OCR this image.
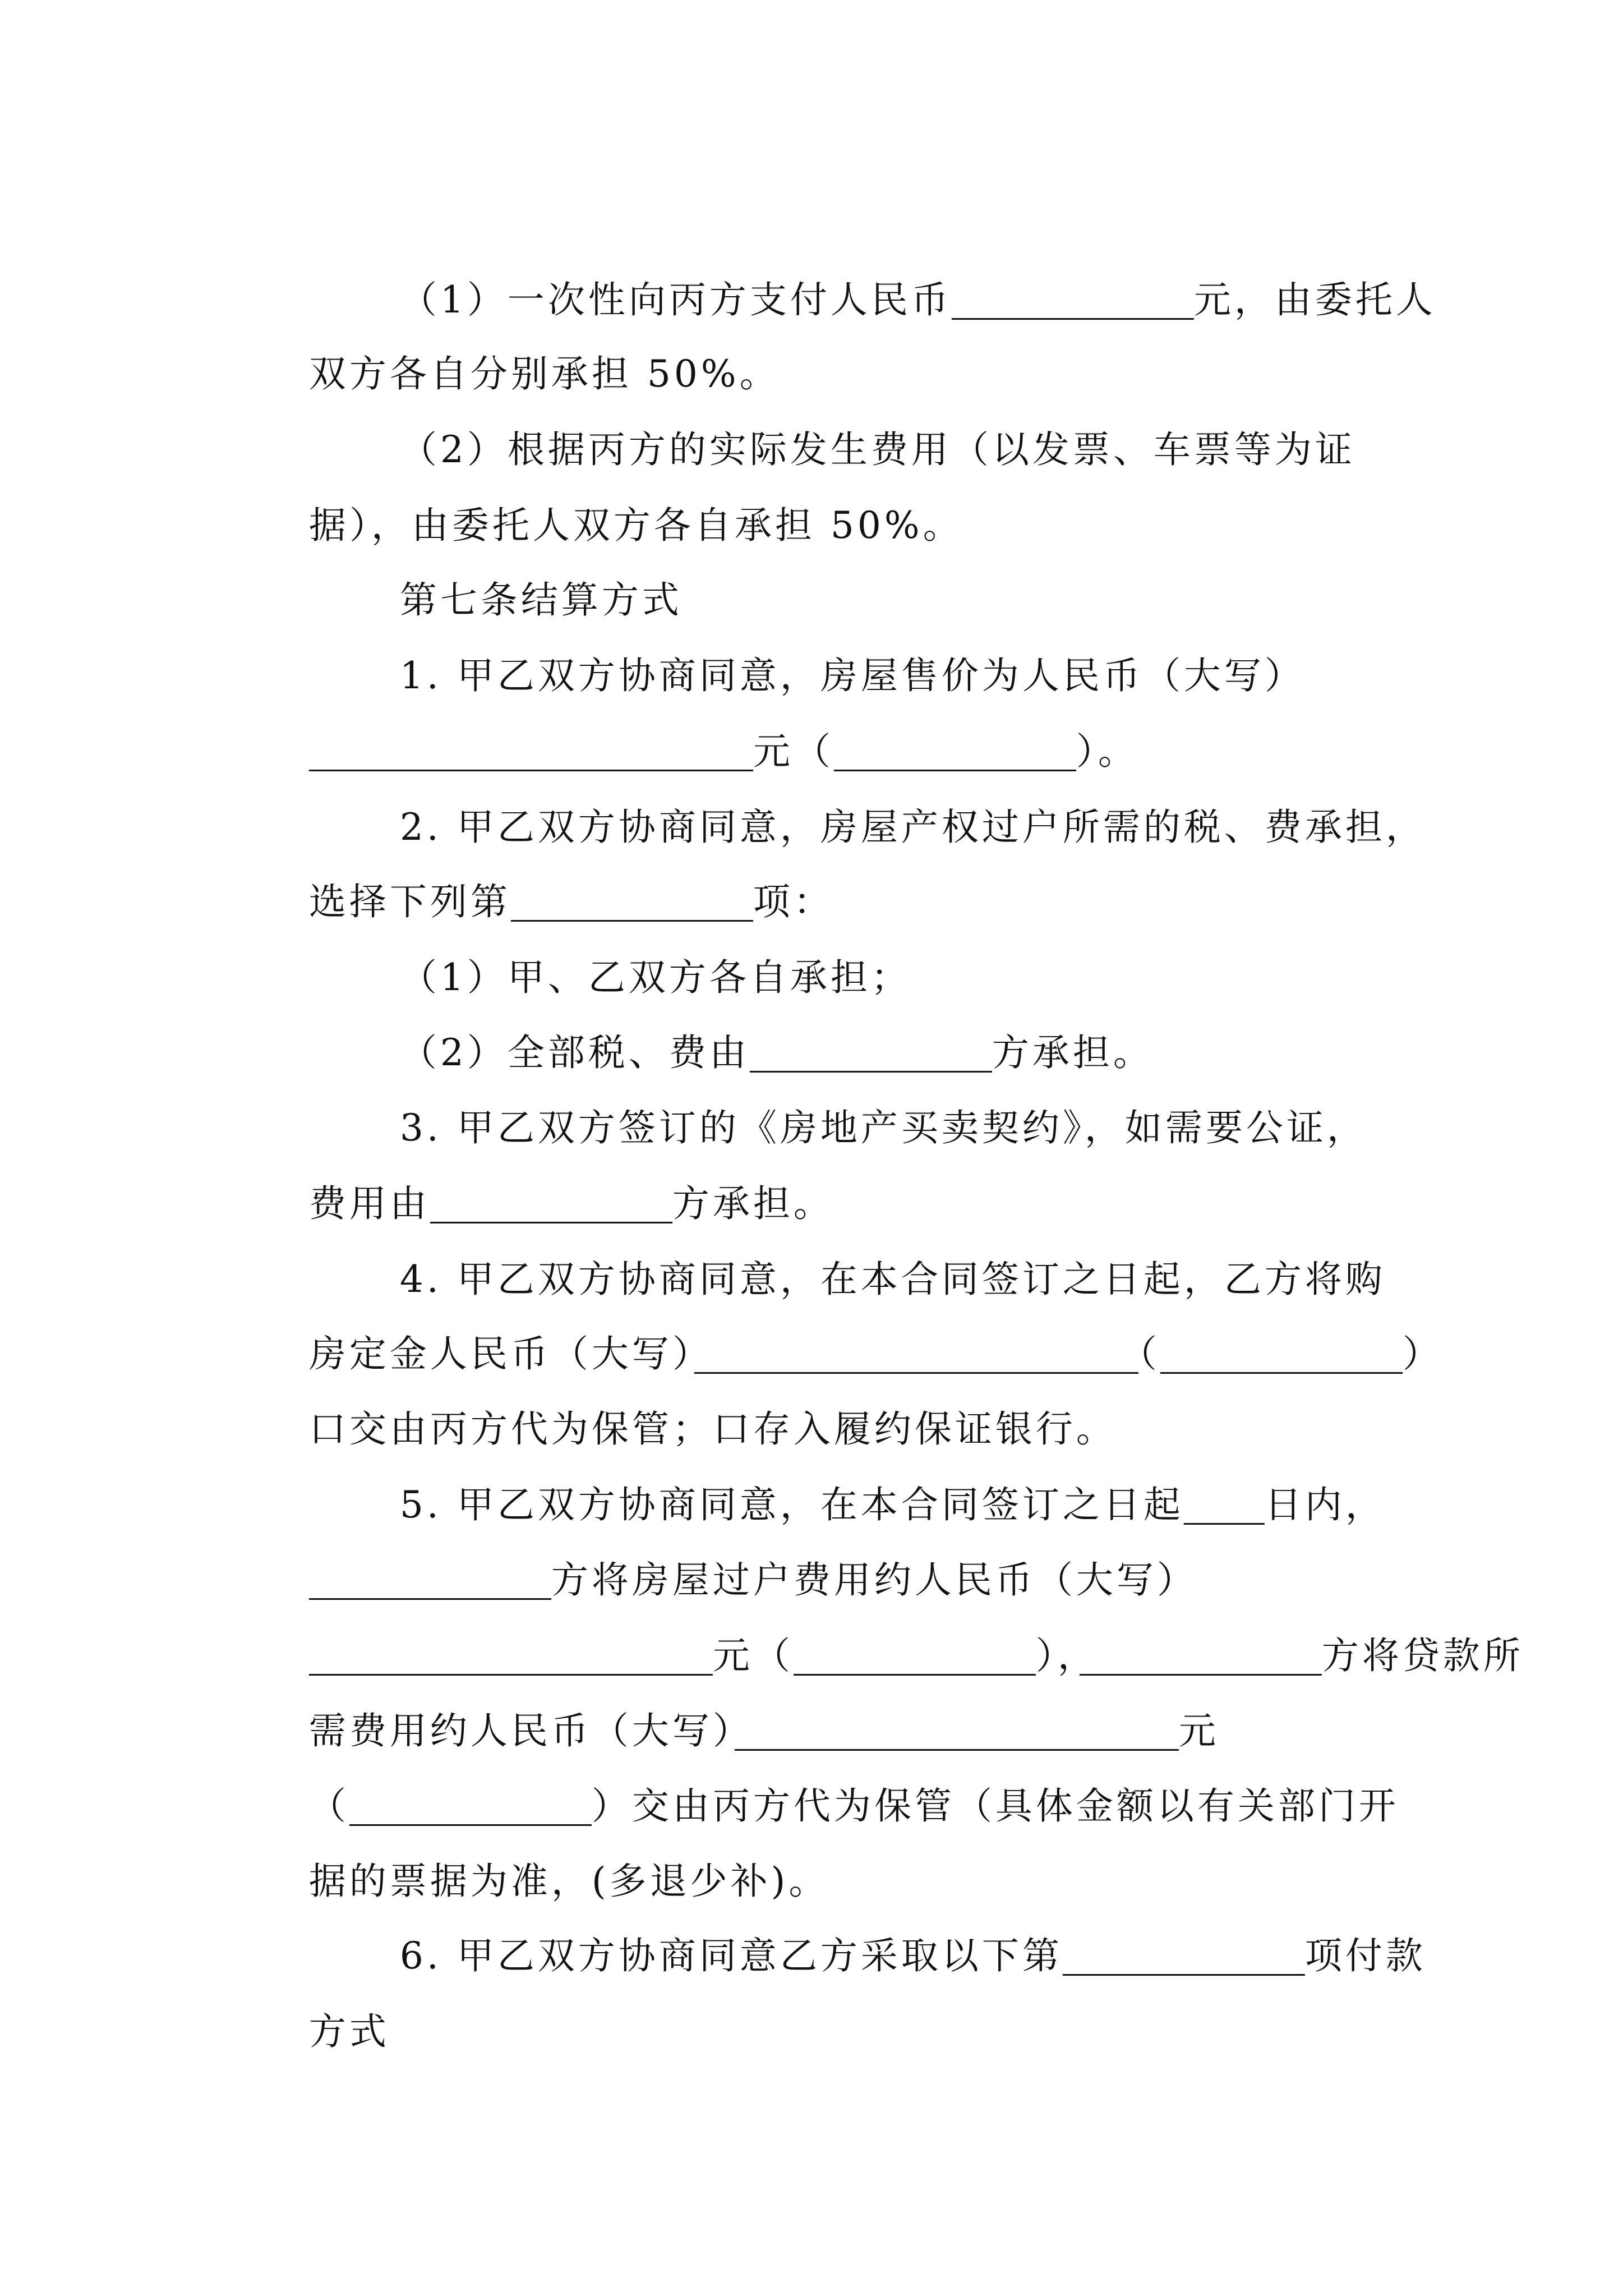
（1）一次性向丙方支付人民币　　　　　　	元，由委托人

双方各自分别承担 50%。

（2）根据丙方的实际发生费用（以发票、车票等为证

据），由委托人双方各自承担 50%。

第七条结算方式

1. 甲乙双方协商同意，房屋售价为人民币（大写）

　　　　　　　　　　　元（　　　　　　	）。

2. 甲乙双方协商同意，房屋产权过户所需的税、费承担，

选择下列第　　　　　　	项：

（1）甲、乙双方各自承担；

（2）全部税、费由　　　　　　	方承担。

3. 甲乙双方签订的《房地产买卖契约》，如需要公证，

费用由　　　　　　	方承担。

4. 甲乙双方协商同意，在本合同签订之日起，乙方将购

房定金人民币（大写）　　　　　　　　　　　	（　　　　　　	）

口交由丙方代为保管；口存入履约保证银行。

5. 甲乙双方协商同意，在本合同签订之日起　　 日内，

　　　　　　方将房屋过户费用约人民币（大写）

　　　　　　　　　　元（　　　　　　	），　　　　　　	方将贷款所

需费用约人民币（大写）　　　　　　　　　　　	元

（　　　　　　	）交由丙方代为保管（具体金额以有关部门开

据的票据为准，(多退少补)。

6. 甲乙双方协商同意乙方采取以下第　　　　　　	项付款

方式
